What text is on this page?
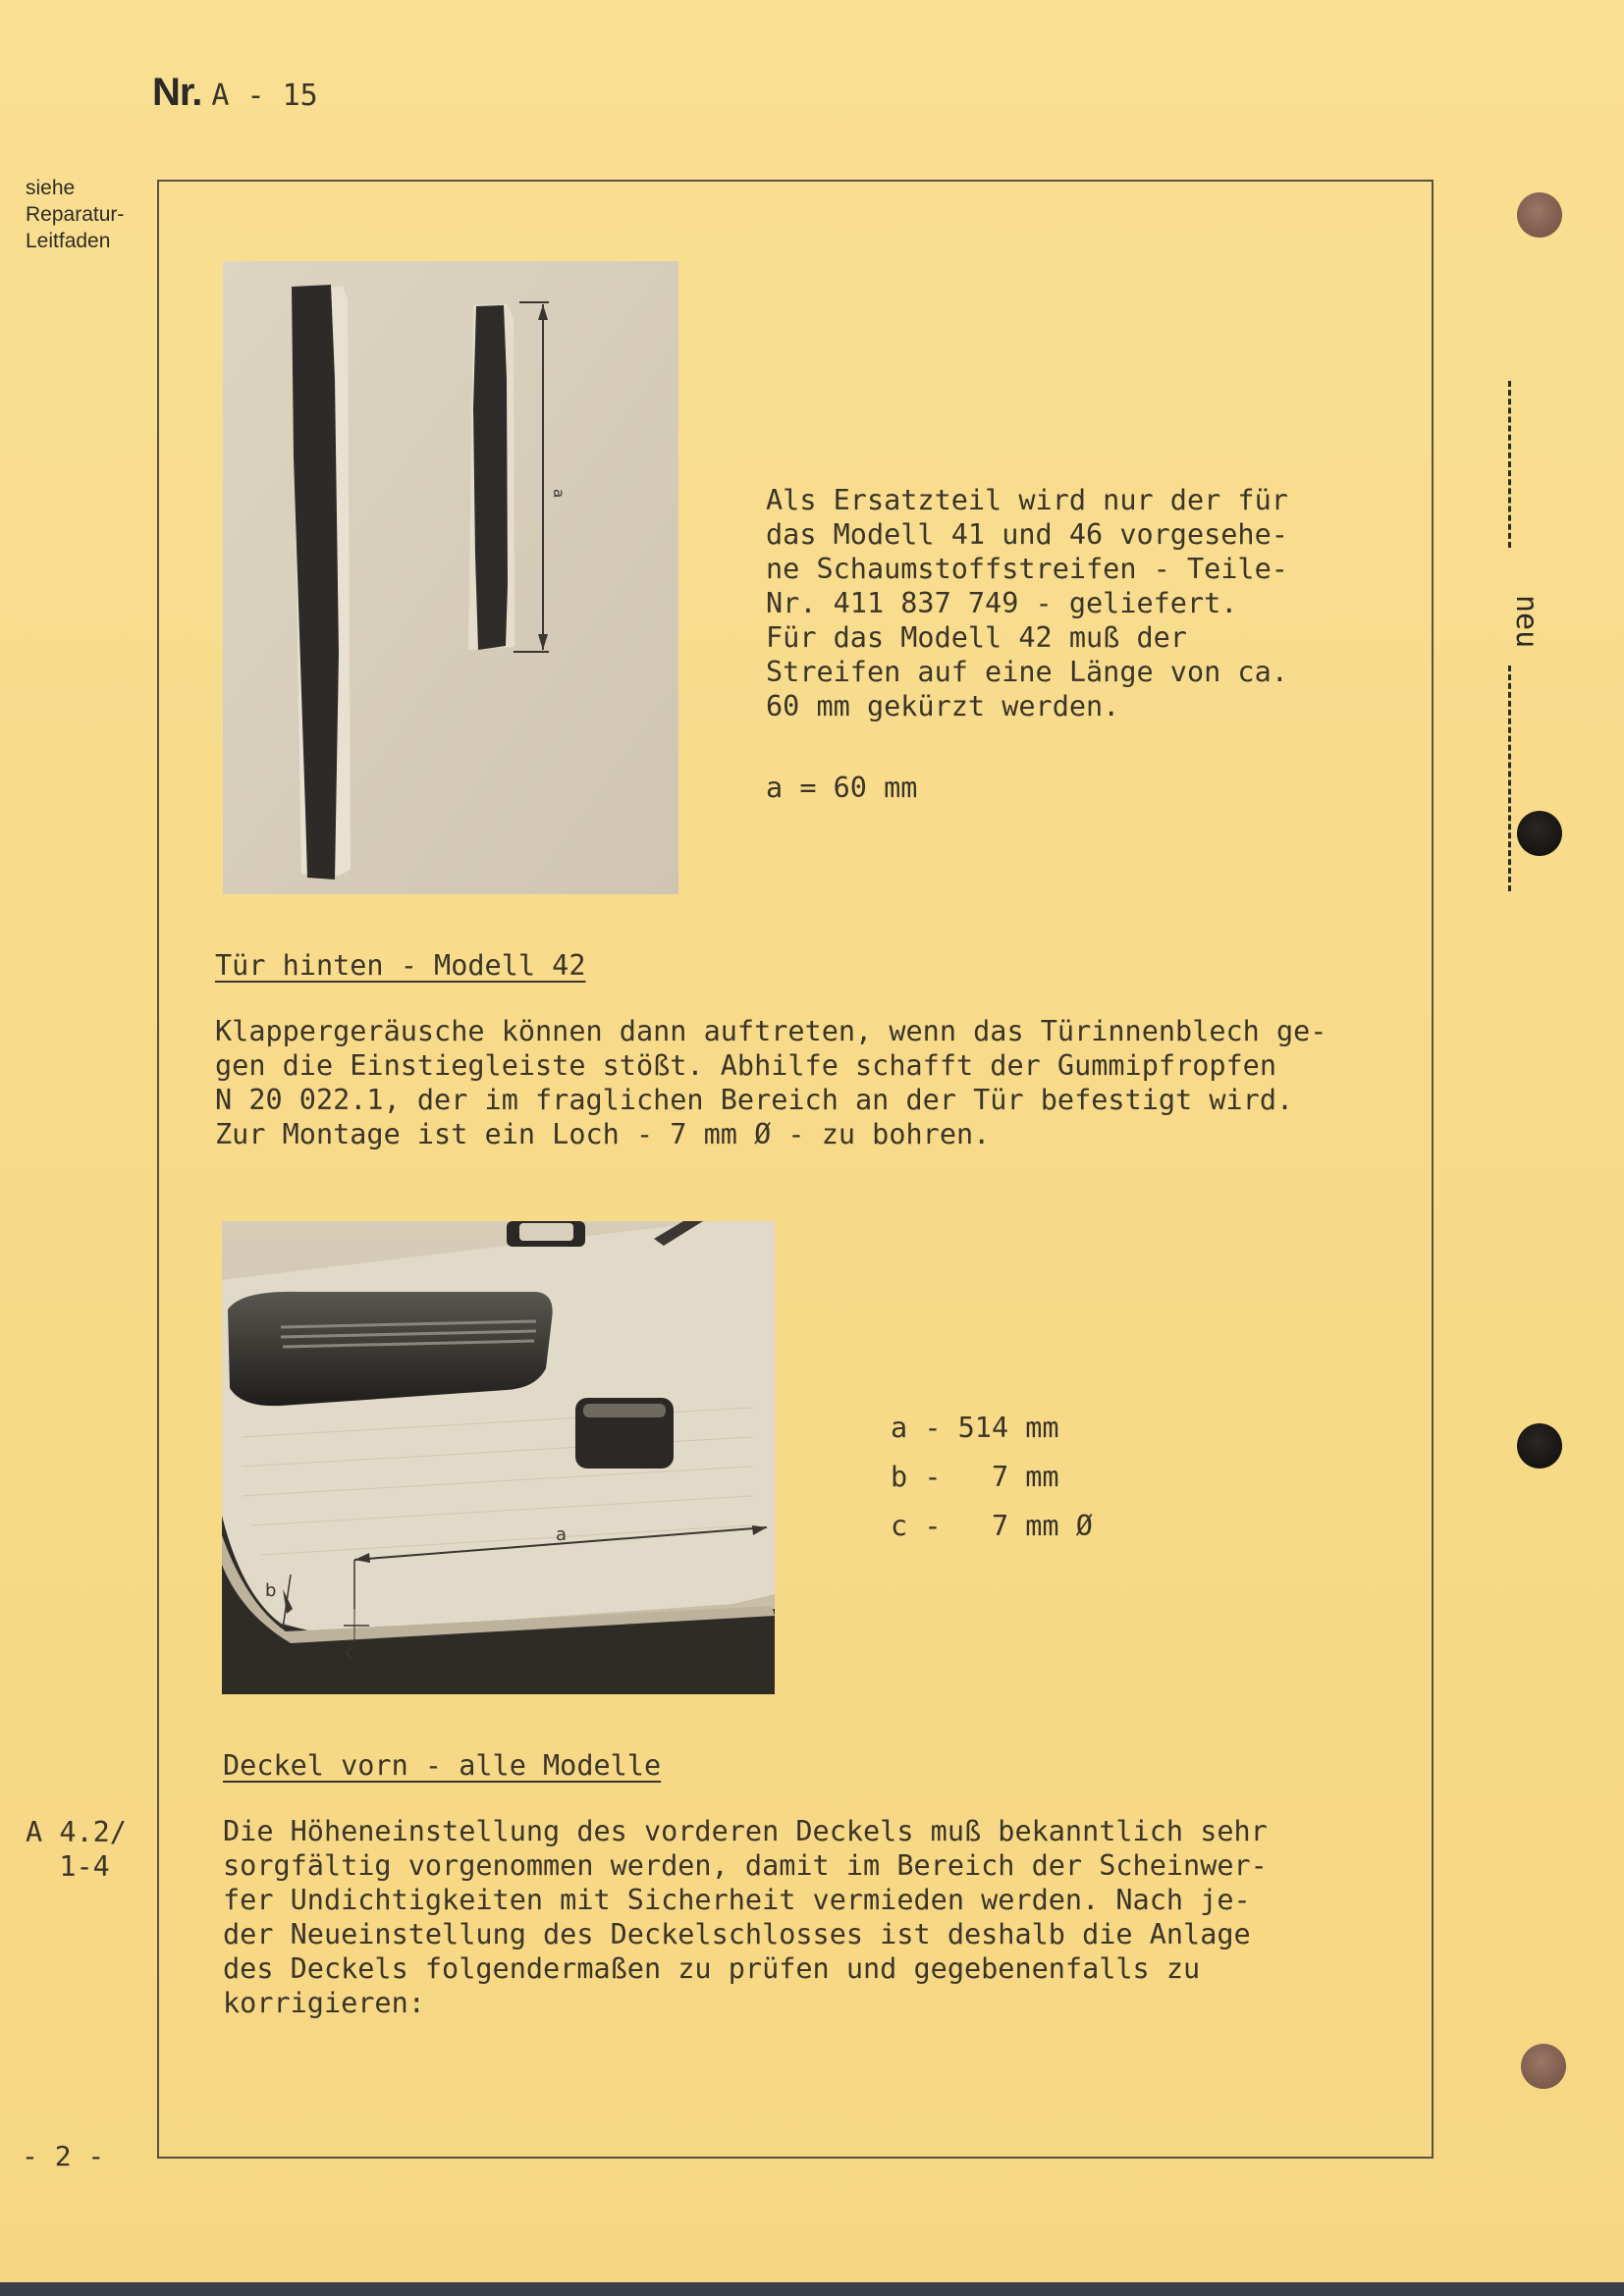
Nr. A - 15
siehe
Reparatur-
Leitfaden
neu
a	Als Ersatzteil wird nur der für
das Modell 41 und 46 vorgesehe-
ne Schaumstoffstreifen - Teile-
Nr. 411 837 749 - geliefert.
Für das Modell 42 muß der
Streifen auf eine Länge von ca.
60 mm gekürzt werden.
a = 60 mm
Tür hinten - Modell 42
Klappergeräusche können dann auftreten, wenn das Türinnenblech ge-
gen die Einstiegleiste stößt. Abhilfe schafft der Gummipfropfen
N 20 022.1, der im fraglichen Bereich an der Tür befestigt wird.
Zur Montage ist ein Loch - 7 mm Ø - zu bohren.
a
b
c
a - 514 mm
b -   7 mm
c -   7 mm Ø
A 4.2/
1-4
Deckel vorn - alle Modelle
Die Höheneinstellung des vorderen Deckels muß bekanntlich sehr
sorgfältig vorgenommen werden, damit im Bereich der Scheinwer-
fer Undichtigkeiten mit Sicherheit vermieden werden. Nach je-
der Neueinstellung des Deckelschlosses ist deshalb die Anlage
des Deckels folgendermaßen zu prüfen und gegebenenfalls zu
korrigieren:
- 2 -
